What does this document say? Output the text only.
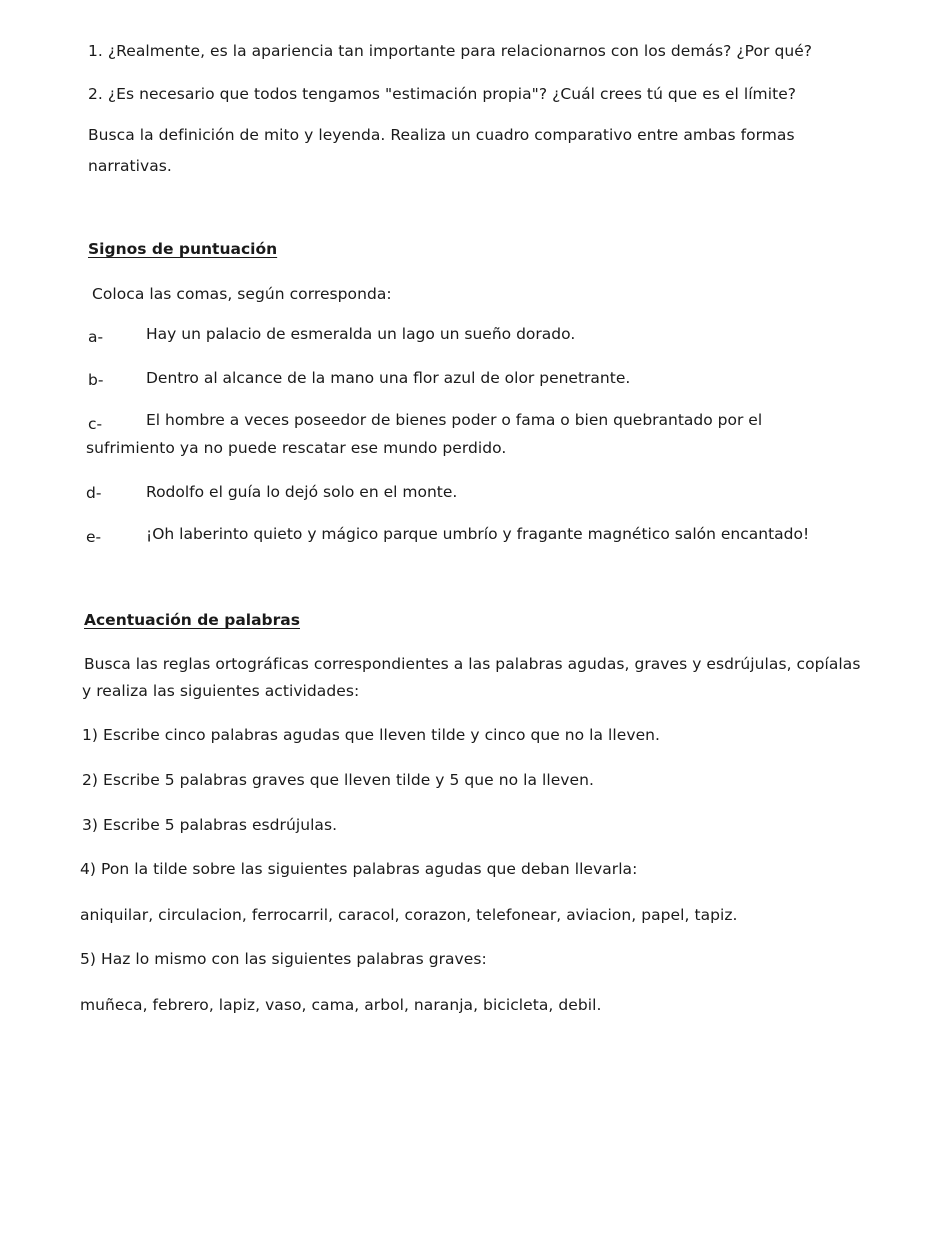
1. ¿Realmente, es la apariencia tan importante para relacionarnos con los demás? ¿Por qué?
2. ¿Es necesario que todos tengamos "estimación propia"? ¿Cuál crees tú que es el límite?
Busca la definición de mito y leyenda. Realiza un cuadro comparativo entre ambas formas
narrativas.
Signos de puntuación
Coloca las comas, según corresponda:
a-	Hay un palacio de esmeralda un lago un sueño dorado.
b-	Dentro al alcance de la mano una flor azul de olor penetrante.
c-	El hombre a veces poseedor de bienes poder o fama o bien quebrantado por el
sufrimiento ya no puede rescatar ese mundo perdido.
d-	Rodolfo el guía lo dejó solo en el monte.
e-	¡Oh laberinto quieto y mágico parque umbrío y fragante magnético salón encantado!
Acentuación de palabras
Busca las reglas ortográficas correspondientes a las palabras agudas, graves y esdrújulas, copíalas
y realiza las siguientes actividades:
1) Escribe cinco palabras agudas que lleven tilde y cinco que no la lleven.
2) Escribe 5 palabras graves que lleven tilde y 5 que no la lleven.
3) Escribe 5 palabras esdrújulas.
4) Pon la tilde sobre las siguientes palabras agudas que deban llevarla:
aniquilar, circulacion, ferrocarril, caracol, corazon, telefonear, aviacion, papel, tapiz.
5) Haz lo mismo con las siguientes palabras graves:
muñeca, febrero, lapiz, vaso, cama, arbol, naranja, bicicleta, debil.
